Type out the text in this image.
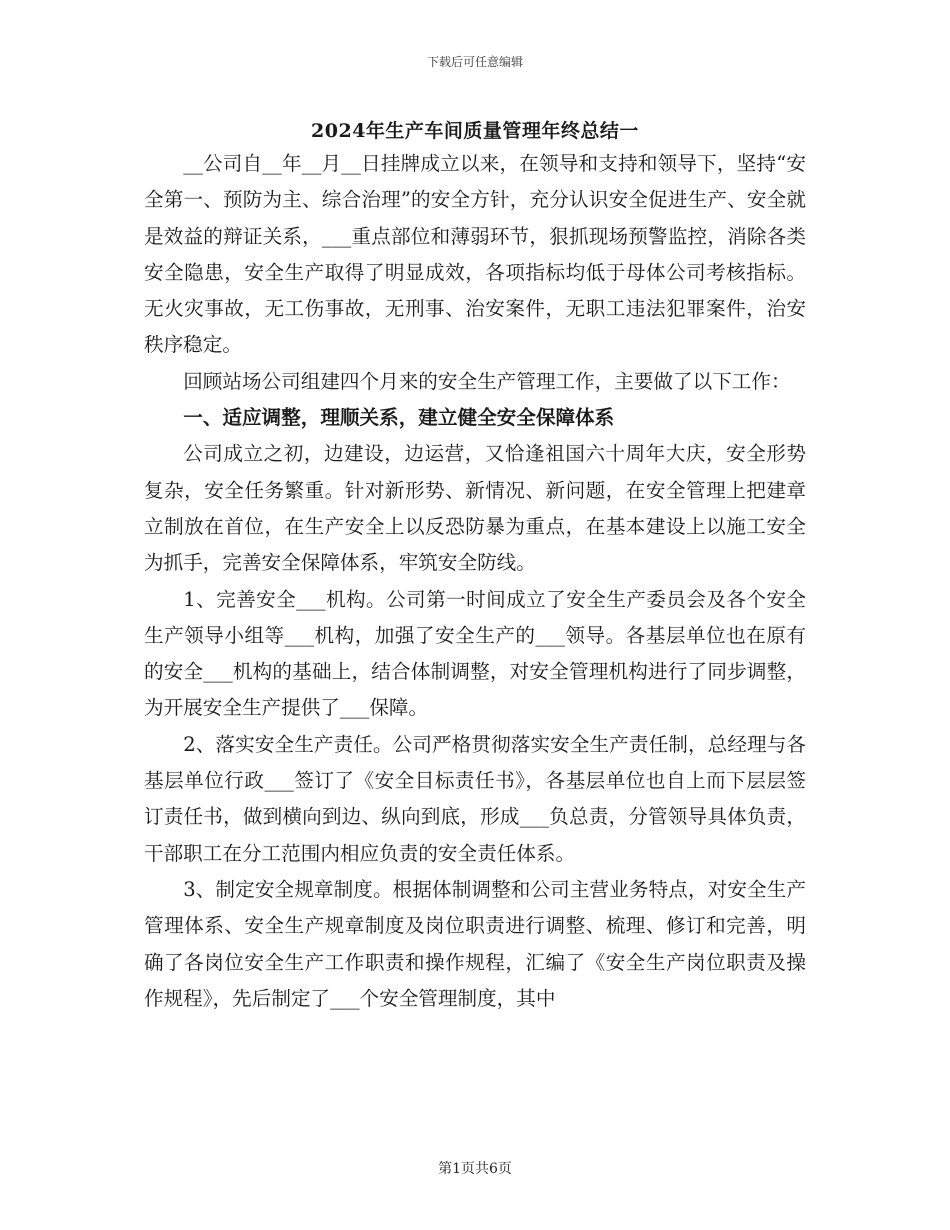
下载后可任意编辑
2024年生产车间质量管理年终总结一

__公司自__年__月__日挂牌成立以来，在领导和支持和领导下，坚持“安全第一、预防为主、综合治理”的安全方针，充分认识安全促进生产、安全就是效益的辩证关系，___重点部位和薄弱环节，狠抓现场预警监控，消除各类安全隐患，安全生产取得了明显成效，各项指标均低于母体公司考核指标。无火灾事故，无工伤事故，无刑事、治安案件，无职工违法犯罪案件，治安秩序稳定。

回顾站场公司组建四个月来的安全生产管理工作，主要做了以下工作：

一、适应调整，理顺关系，建立健全安全保障体系

公司成立之初，边建设，边运营，又恰逢祖国六十周年大庆，安全形势复杂，安全任务繁重。针对新形势、新情况、新问题，在安全管理上把建章立制放在首位，在生产安全上以反恐防暴为重点，在基本建设上以施工安全为抓手，完善安全保障体系，牢筑安全防线。

1、完善安全___机构。公司第一时间成立了安全生产委员会及各个安全生产领导小组等___机构，加强了安全生产的___领导。各基层单位也在原有的安全___机构的基础上，结合体制调整，对安全管理机构进行了同步调整，为开展安全生产提供了___保障。

2、落实安全生产责任。公司严格贯彻落实安全生产责任制，总经理与各基层单位行政___签订了《安全目标责任书》，各基层单位也自上而下层层签订责任书，做到横向到边、纵向到底，形成___负总责，分管领导具体负责，干部职工在分工范围内相应负责的安全责任体系。

3、制定安全规章制度。根据体制调整和公司主营业务特点，对安全生产管理体系、安全生产规章制度及岗位职责进行调整、梳理、修订和完善，明确了各岗位安全生产工作职责和操作规程，汇编了《安全生产岗位职责及操作规程》，先后制定了___个安全管理制度，其中

第1页共6页
